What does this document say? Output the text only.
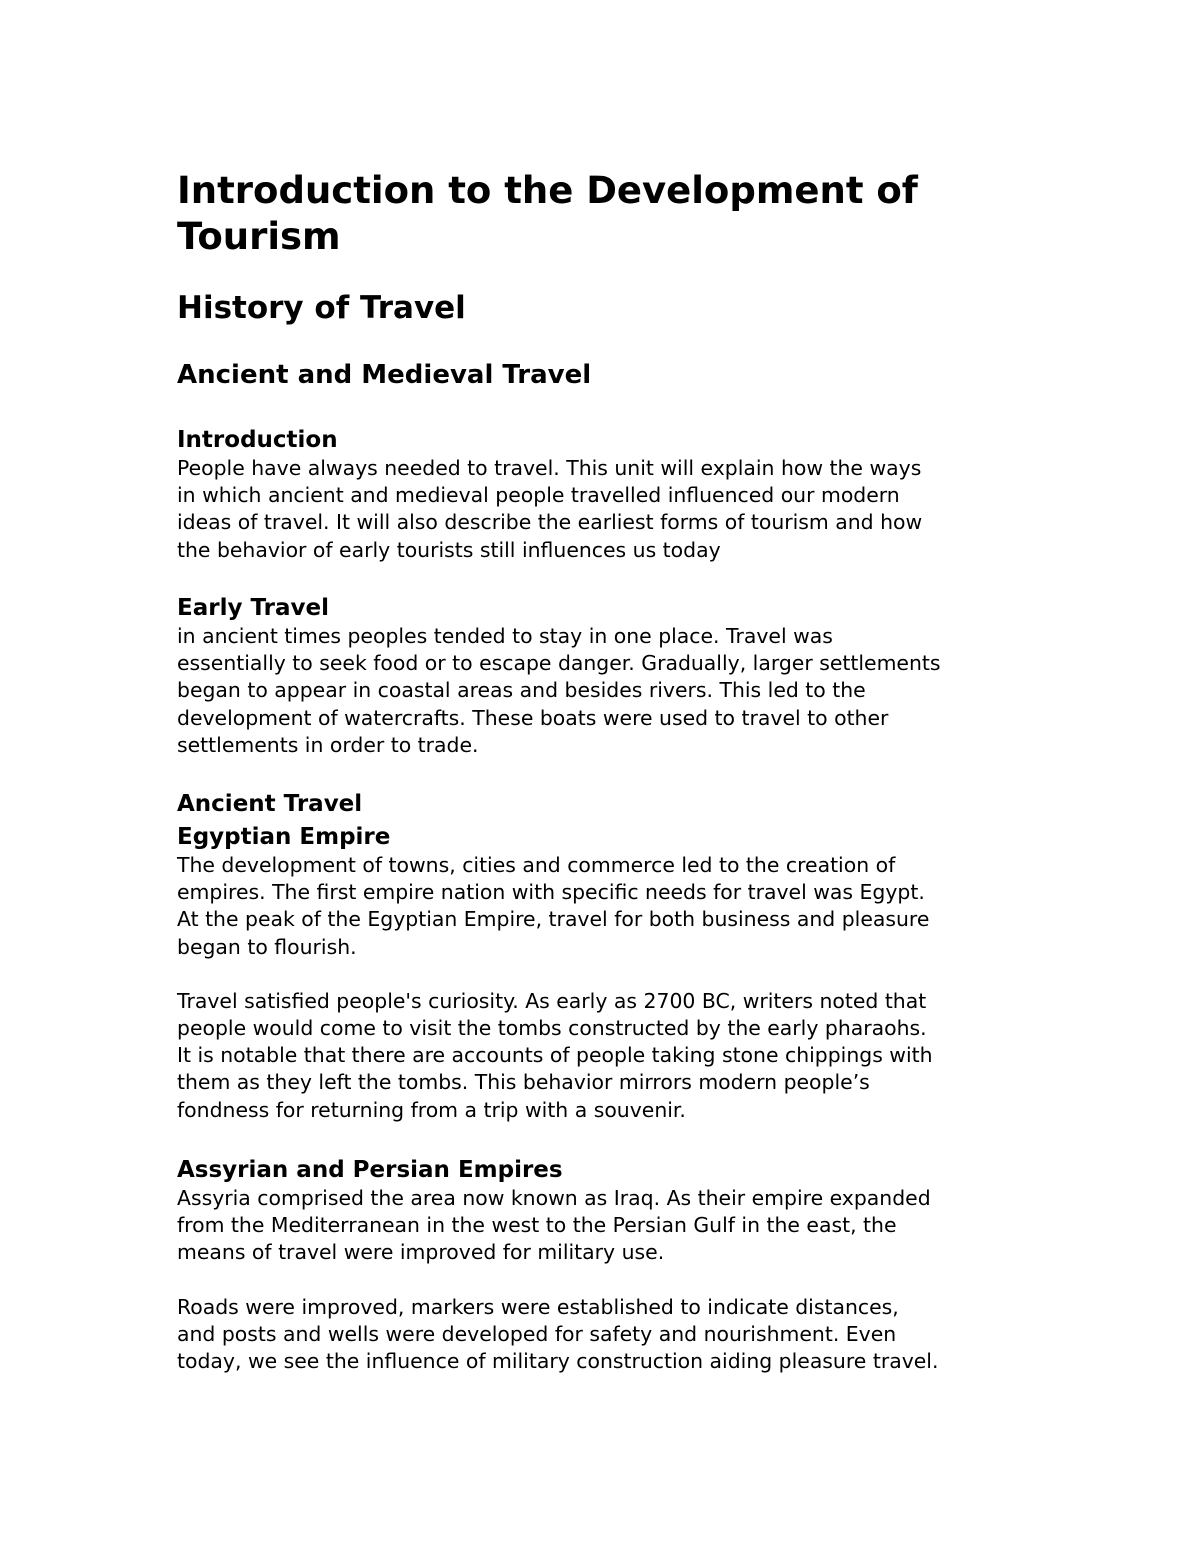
Introduction to the Development of
Tourism
History of Travel
Ancient and Medieval Travel
Introduction

People have always needed to travel. This unit will explain how the ways
in which ancient and medieval people travelled influenced our modern
ideas of travel. It will also describe the earliest forms of tourism and how
the behavior of early tourists still influences us today

Early Travel

in ancient times peoples tended to stay in one place. Travel was
essentially to seek food or to escape danger. Gradually, larger settlements
began to appear in coastal areas and besides rivers. This led to the
development of watercrafts. These boats were used to travel to other
settlements in order to trade.

Ancient Travel
Egyptian Empire

The development of towns, cities and commerce led to the creation of
empires. The first empire nation with specific needs for travel was Egypt.
At the peak of the Egyptian Empire, travel for both business and pleasure
began to flourish.

Travel satisfied people's curiosity. As early as 2700 BC, writers noted that
people would come to visit the tombs constructed by the early pharaohs.
It is notable that there are accounts of people taking stone chippings with
them as they left the tombs. This behavior mirrors modern people’s
fondness for returning from a trip with a souvenir.

Assyrian and Persian Empires

Assyria comprised the area now known as Iraq. As their empire expanded
from the Mediterranean in the west to the Persian Gulf in the east, the
means of travel were improved for military use.

Roads were improved, markers were established to indicate distances,
and posts and wells were developed for safety and nourishment. Even
today, we see the influence of military construction aiding pleasure travel.
